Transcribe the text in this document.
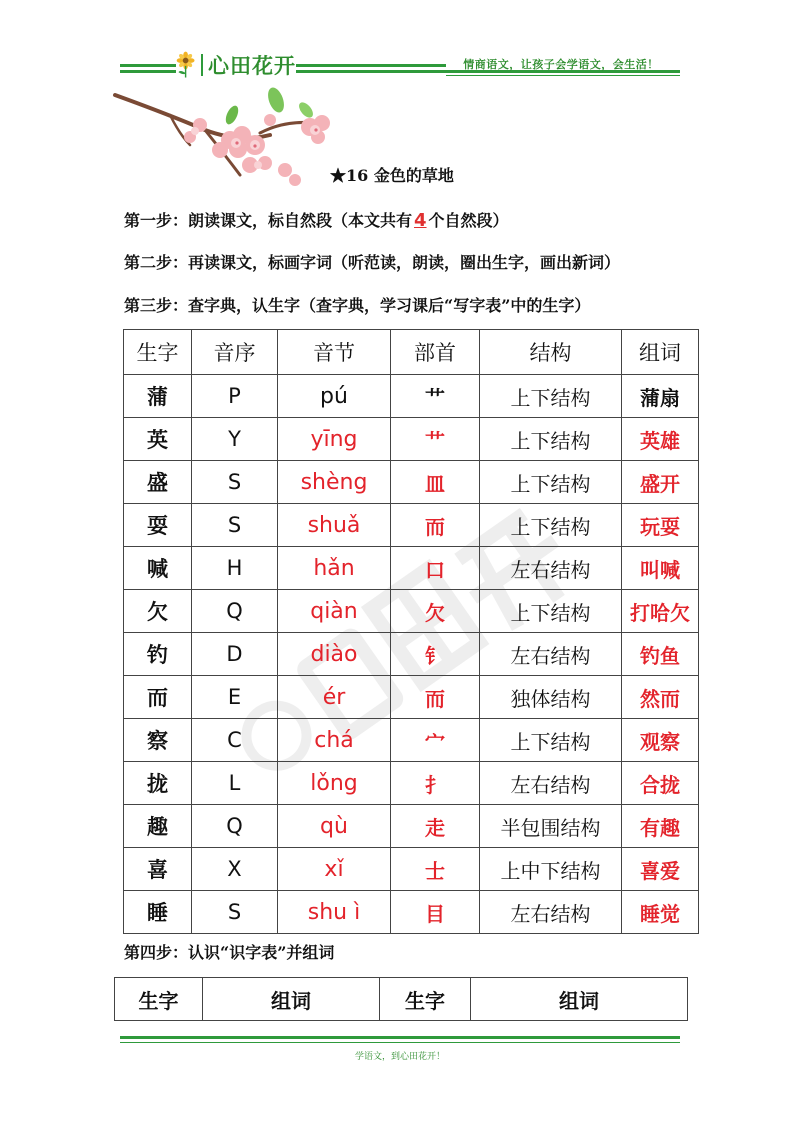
心田花开	情商语文，让孩子会学语文，会生活！
★16 金色的草地
第一步：朗读课文，标自然段（本文共有 4 个自然段）
第二步：再读课文，标画字词（听范读，朗读，圈出生字，画出新词）
第三步：查字典，认生字（查字典，学习课后“写字表”中的生字）
生字	音序	音节	部首	结构	组词
蒲	P	pú	艹	上下结构	蒲扇
英	Y	yīng	艹	上下结构	英雄
盛	S	shèng	皿	上下结构	盛开
耍	S	shuǎ	而	上下结构	玩耍
喊	H	hǎn	口	左右结构	叫喊
欠	Q	qiàn	欠	上下结构	打哈欠
钓	D	diào	钅	左右结构	钓鱼
而	E	ér	而	独体结构	然而
察	C	chá	宀	上下结构	观察
拢	L	lǒng	扌	左右结构	合拢
趣	Q	qù	走	半包围结构	有趣
喜	X	xǐ	士	上中下结构	喜爱
睡	S	shu ì	目	左右结构	睡觉
第四步：认识“识字表”并组词
生字	组词	生字	组词
学语文，到心田花开！
